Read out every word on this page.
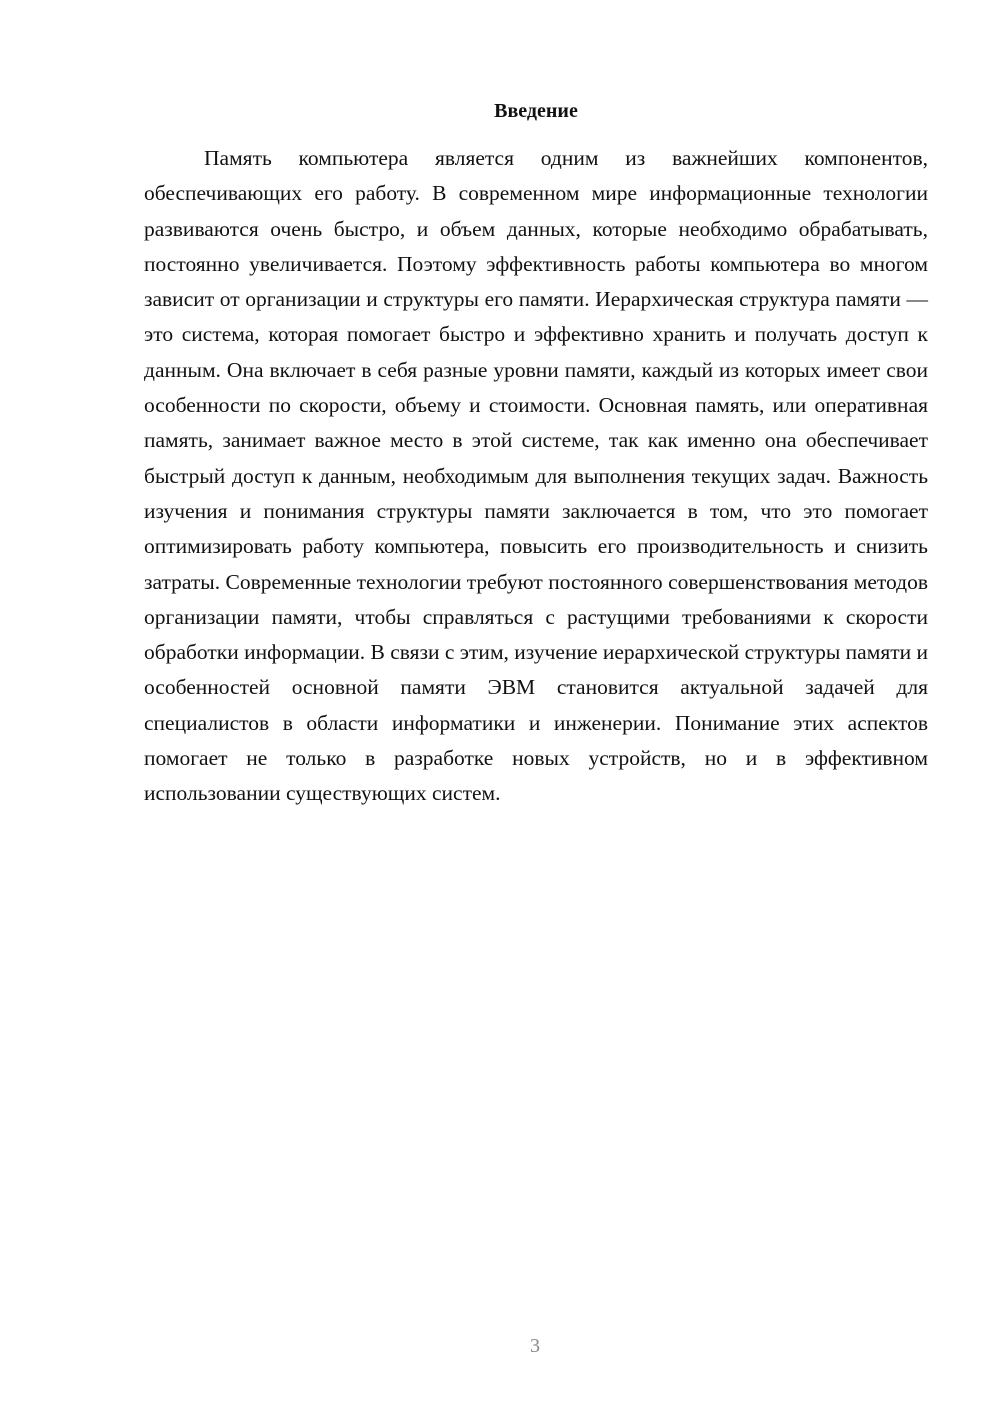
Введение

Память компьютера является одним из важнейших компонентов, обеспечивающих его работу. В современном мире информационные технологии развиваются очень быстро, и объем данных, которые необходимо обрабатывать, постоянно увеличивается. Поэтому эффективность работы компьютера во многом зависит от организации и структуры его памяти. Иерархическая структура памяти — это система, которая помогает быстро и эффективно хранить и получать доступ к данным. Она включает в себя разные уровни памяти, каждый из которых имеет свои особенности по скорости, объему и стоимости. Основная память, или оперативная память, занимает важное место в этой системе, так как именно она обеспечивает быстрый доступ к данным, необходимым для выполнения текущих задач. Важность изучения и понимания структуры памяти заключается в том, что это помогает оптимизировать работу компьютера, повысить его производительность и снизить затраты. Современные технологии требуют постоянного совершенствования методов организации памяти, чтобы справляться с растущими требованиями к скорости обработки информации. В связи с этим, изучение иерархической структуры памяти и особенностей основной памяти ЭВМ становится актуальной задачей для специалистов в области информатики и инженерии. Понимание этих аспектов помогает не только в разработке новых устройств, но и в эффективном использовании существующих систем.

3
